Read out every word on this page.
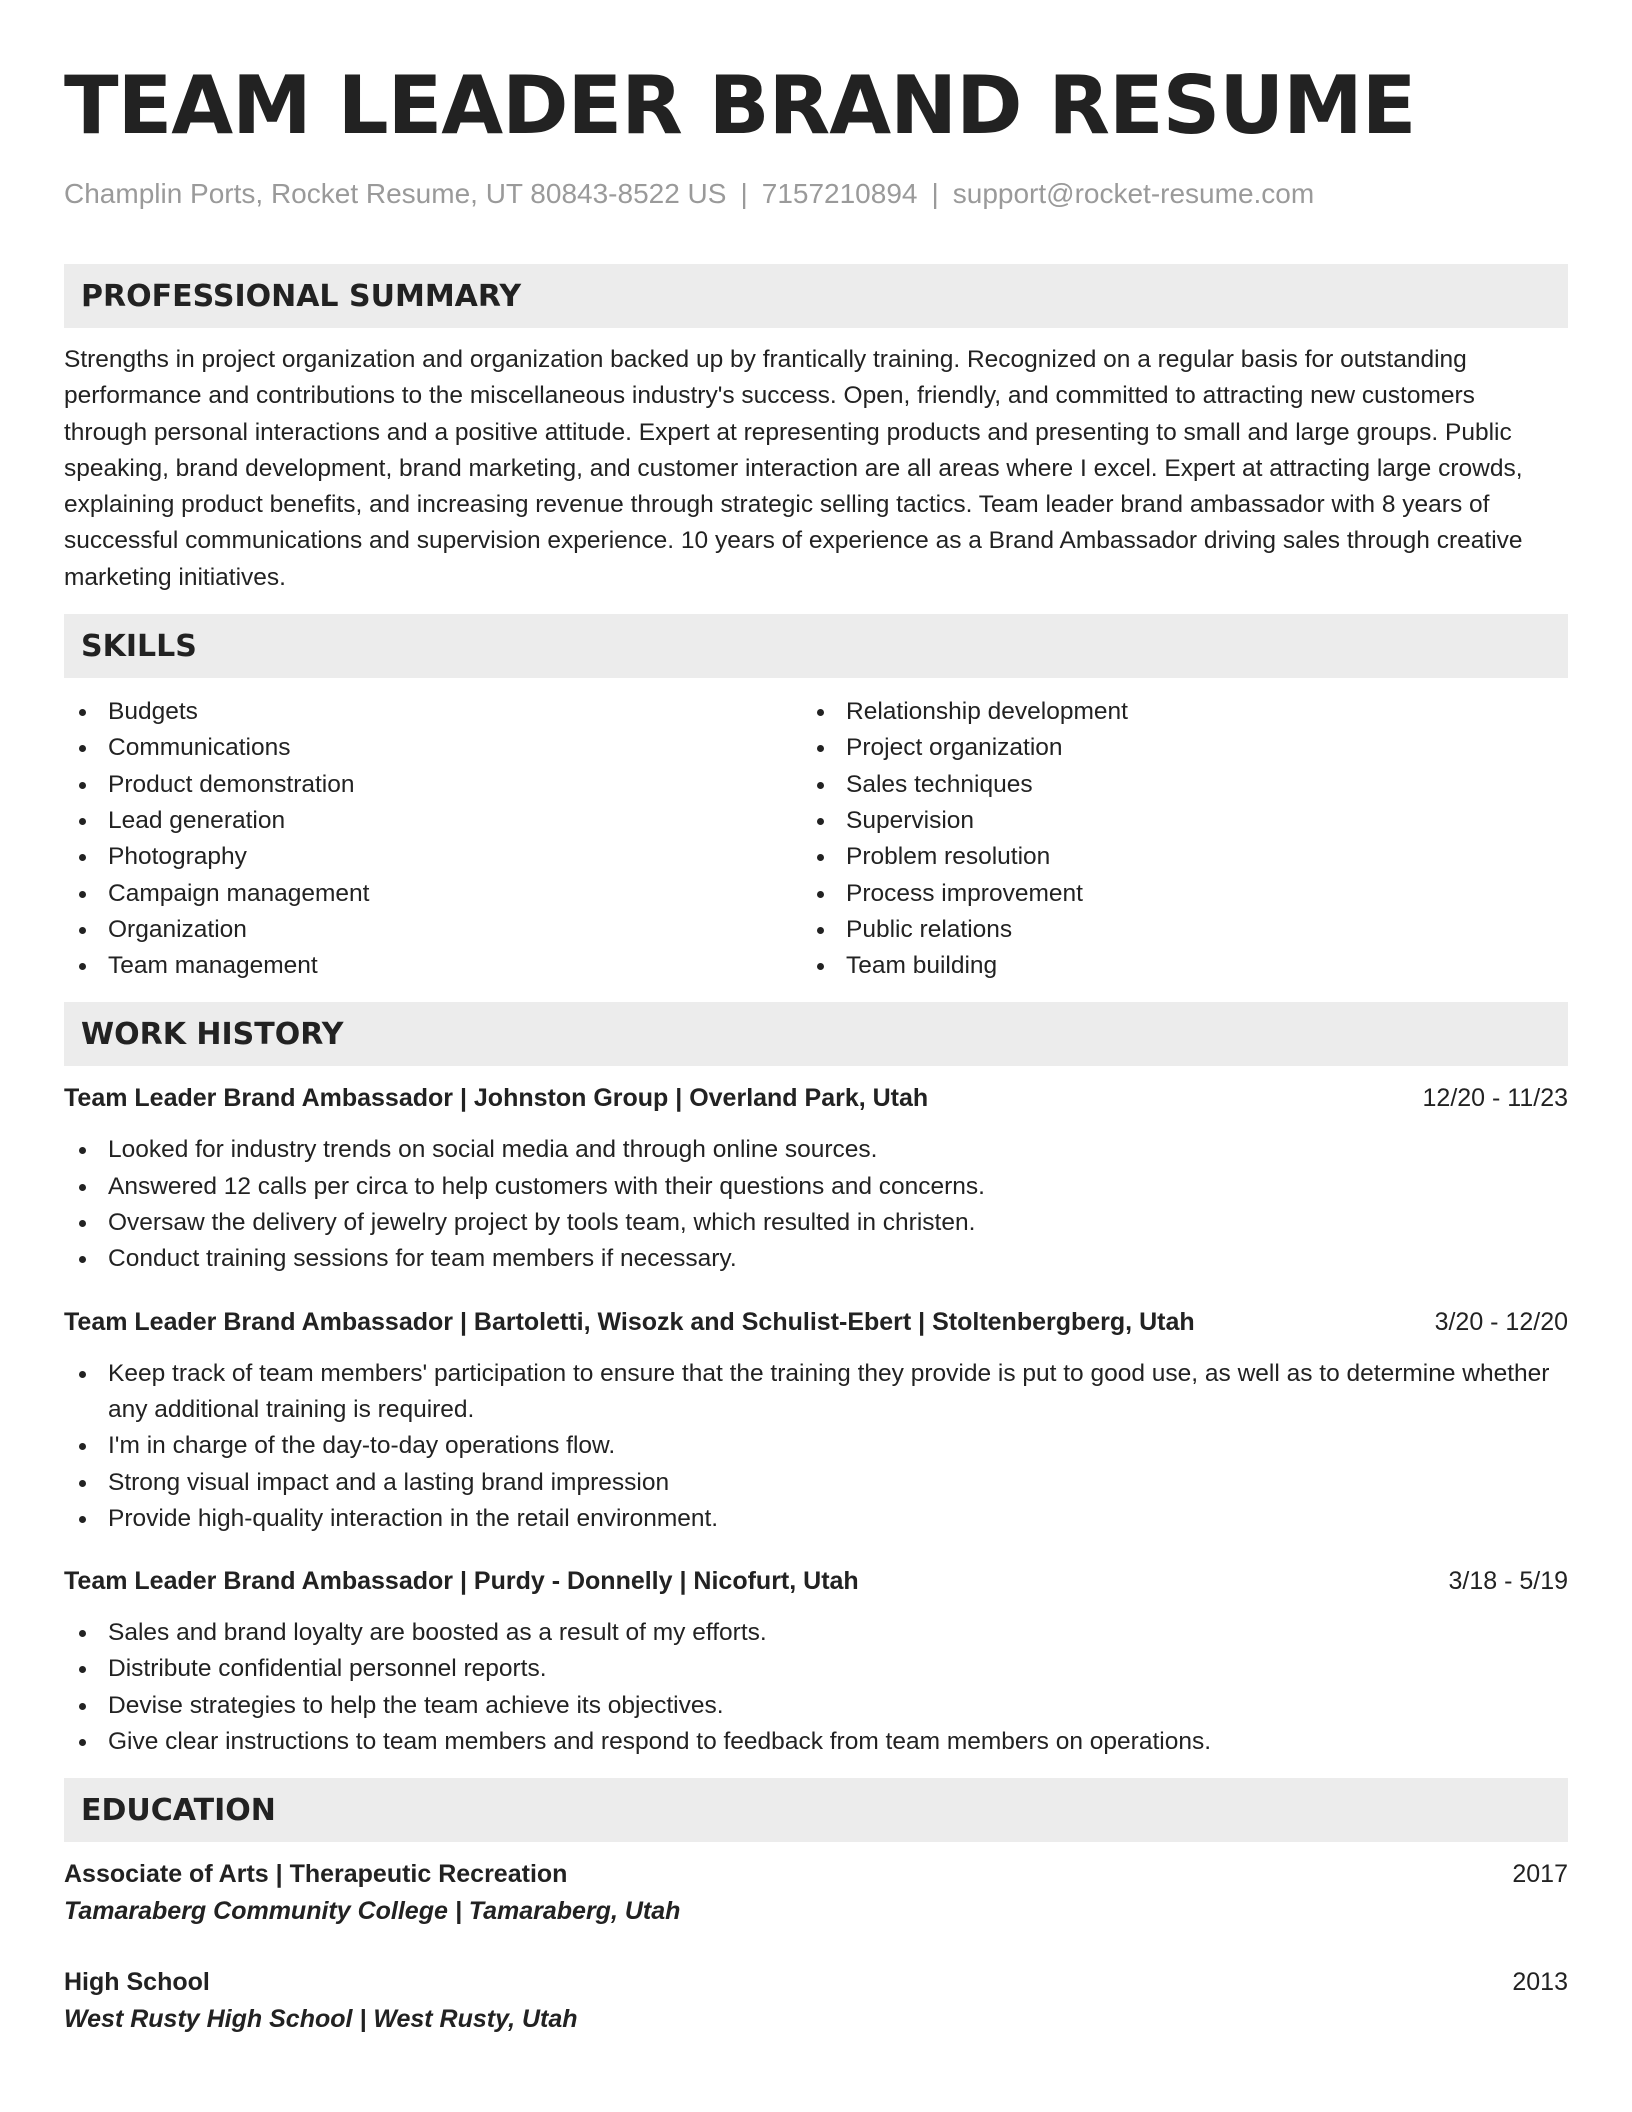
TEAM LEADER BRAND RESUME
Champlin Ports, Rocket Resume, UT 80843-8522 US | 7157210894 | support@rocket-resume.com
PROFESSIONAL SUMMARY
Strengths in project organization and organization backed up by frantically training. Recognized on a regular basis for outstanding
performance and contributions to the miscellaneous industry's success. Open, friendly, and committed to attracting new customers
through personal interactions and a positive attitude. Expert at representing products and presenting to small and large groups. Public
speaking, brand development, brand marketing, and customer interaction are all areas where I excel. Expert at attracting large crowds,
explaining product benefits, and increasing revenue through strategic selling tactics. Team leader brand ambassador with 8 years of
successful communications and supervision experience. 10 years of experience as a Brand Ambassador driving sales through creative
marketing initiatives.
SKILLS
Budgets
Communications
Product demonstration
Lead generation
Photography
Campaign management
Organization
Team management
Relationship development
Project organization
Sales techniques
Supervision
Problem resolution
Process improvement
Public relations
Team building
WORK HISTORY
Team Leader Brand Ambassador | Johnston Group | Overland Park, Utah	12/20 - 11/23
Looked for industry trends on social media and through online sources.
Answered 12 calls per circa to help customers with their questions and concerns.
Oversaw the delivery of jewelry project by tools team, which resulted in christen.
Conduct training sessions for team members if necessary.
Team Leader Brand Ambassador | Bartoletti, Wisozk and Schulist-Ebert | Stoltenbergberg, Utah	3/20 - 12/20
Keep track of team members' participation to ensure that the training they provide is put to good use, as well as to determine whether any additional training is required.
I'm in charge of the day-to-day operations flow.
Strong visual impact and a lasting brand impression
Provide high-quality interaction in the retail environment.
Team Leader Brand Ambassador | Purdy - Donnelly | Nicofurt, Utah	3/18 - 5/19
Sales and brand loyalty are boosted as a result of my efforts.
Distribute confidential personnel reports.
Devise strategies to help the team achieve its objectives.
Give clear instructions to team members and respond to feedback from team members on operations.
EDUCATION
Associate of Arts | Therapeutic Recreation	2017
Tamaraberg Community College | Tamaraberg, Utah
High School	2013
West Rusty High School | West Rusty, Utah
